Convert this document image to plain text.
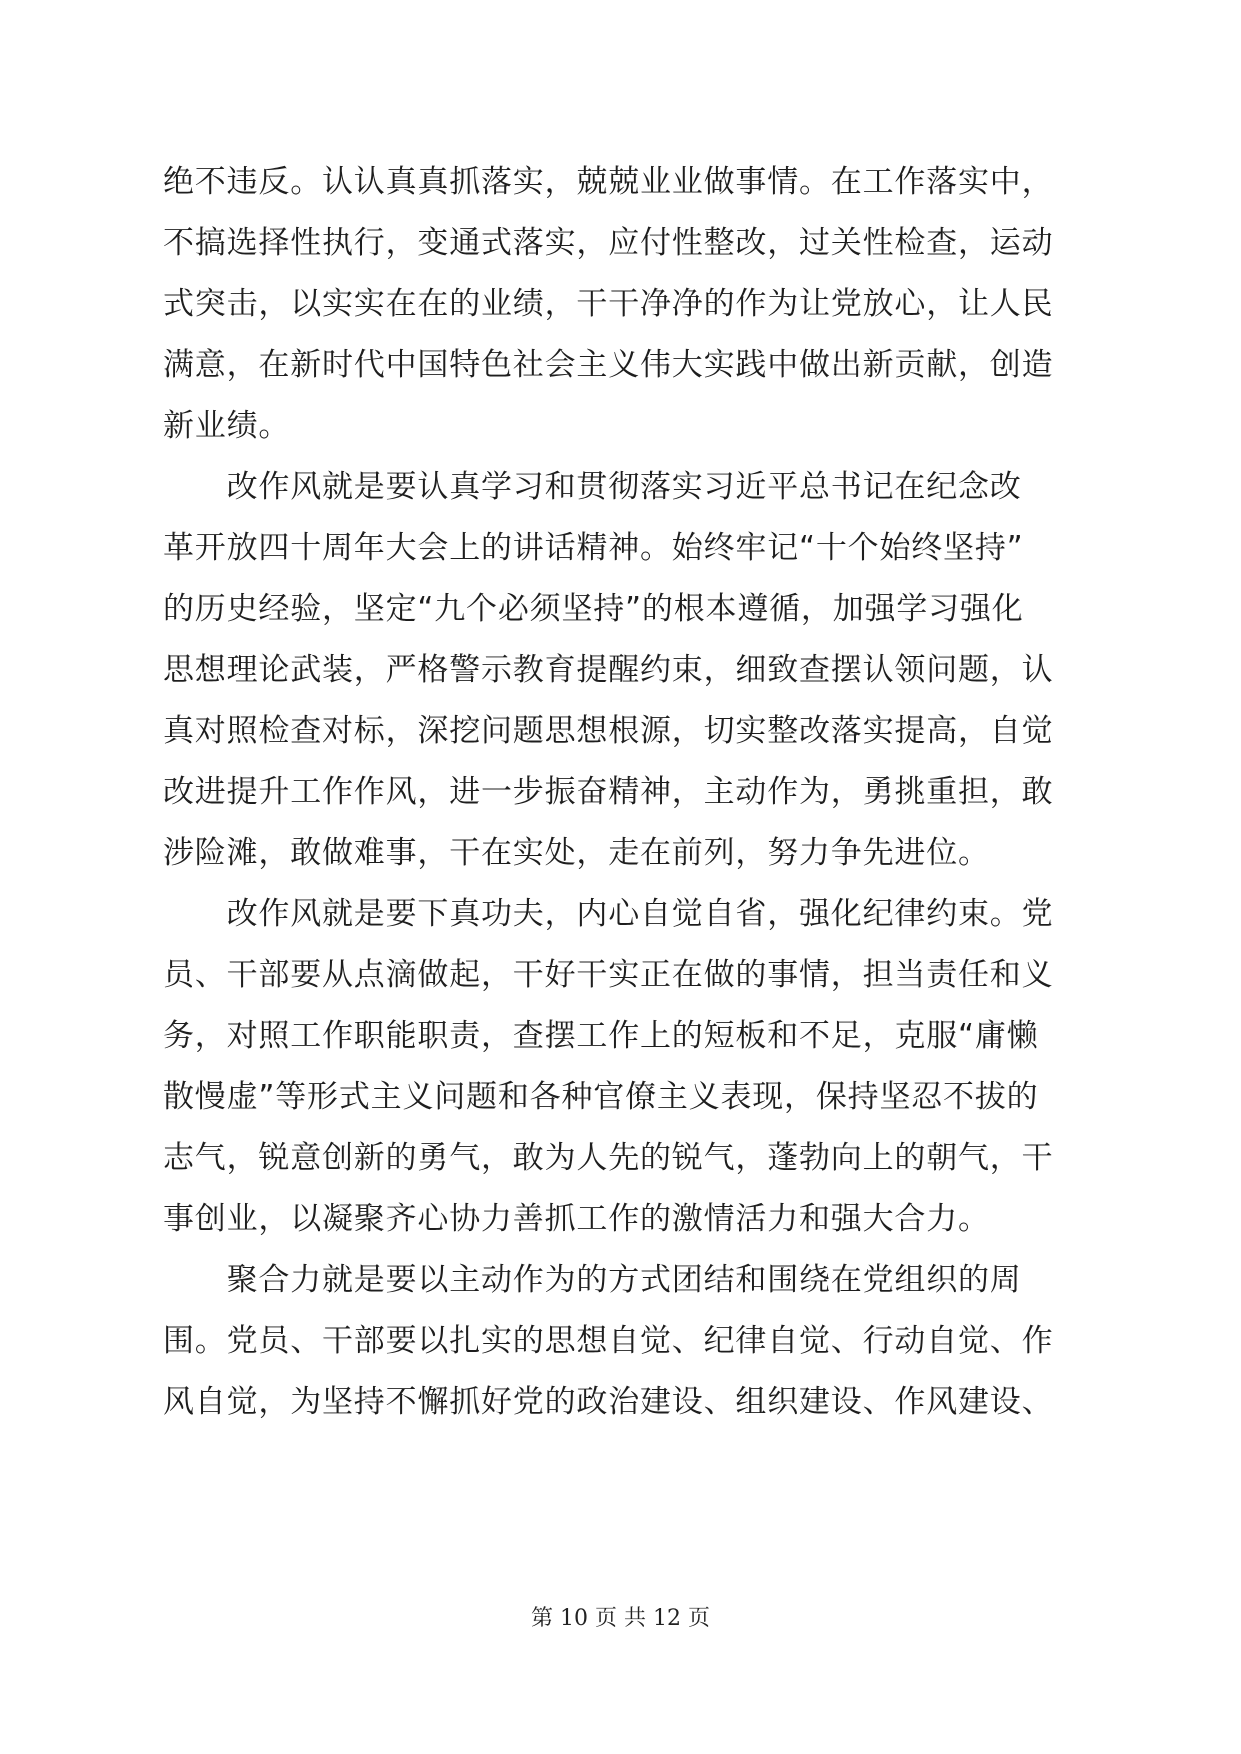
绝不违反。认认真真抓落实，兢兢业业做事情。在工作落实中，
不搞选择性执行，变通式落实，应付性整改，过关性检查，运动
式突击，以实实在在的业绩，干干净净的作为让党放心，让人民
满意，在新时代中国特色社会主义伟大实践中做出新贡献，创造
新业绩。
　　改作风就是要认真学习和贯彻落实习近平总书记在纪念改
革开放四十周年大会上的讲话精神。始终牢记“十个始终坚持”
的历史经验，坚定“九个必须坚持”的根本遵循，加强学习强化
思想理论武装，严格警示教育提醒约束，细致查摆认领问题，认
真对照检查对标，深挖问题思想根源，切实整改落实提高，自觉
改进提升工作作风，进一步振奋精神，主动作为，勇挑重担，敢
涉险滩，敢做难事，干在实处，走在前列，努力争先进位。
　　改作风就是要下真功夫，内心自觉自省，强化纪律约束。党
员、干部要从点滴做起，干好干实正在做的事情，担当责任和义
务，对照工作职能职责，查摆工作上的短板和不足，克服“庸懒
散慢虚”等形式主义问题和各种官僚主义表现，保持坚忍不拔的
志气，锐意创新的勇气，敢为人先的锐气，蓬勃向上的朝气，干
事创业，以凝聚齐心协力善抓工作的激情活力和强大合力。
　　聚合力就是要以主动作为的方式团结和围绕在党组织的周
围。党员、干部要以扎实的思想自觉、纪律自觉、行动自觉、作
风自觉，为坚持不懈抓好党的政治建设、组织建设、作风建设、
第 10 页 共 12 页
